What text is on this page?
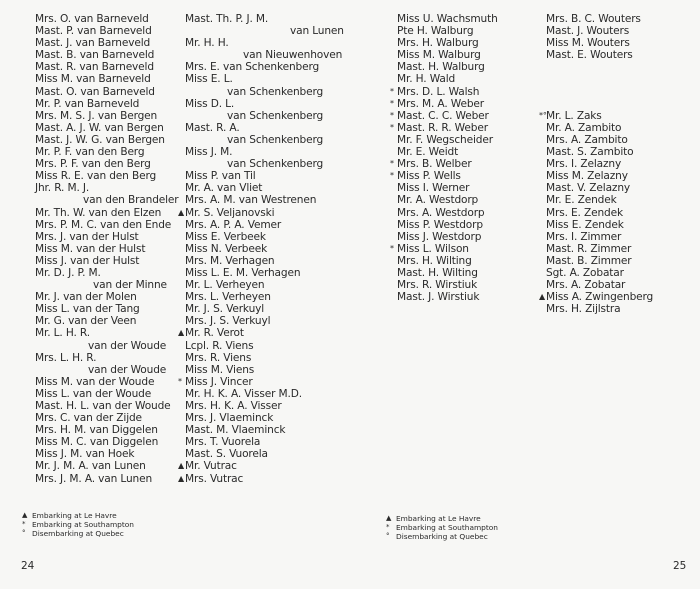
Mrs. O. van Barneveld
Mast. P. van Barneveld
Mast. J. van Barneveld
Mast. B. van Barneveld
Mast. R. van Barneveld
Miss M. van Barneveld
Mast. O. van Barneveld
Mr. P. van Barneveld
Mrs. M. S. J. van Bergen
Mast. A. J. W. van Bergen
Mast. J. W. G. van Bergen
Mr. P. F. van den Berg
Mrs. P. F. van den Berg
Miss R. E. van den Berg
Jhr. R. M. J.
van den Brandeler
Mr. Th. W. van den Elzen
Mrs. P. M. C. van den Ende
Mrs. J. van der Hulst
Miss M. van der Hulst
Miss J. van der Hulst
Mr. D. J. P. M.
van der Minne
Mr. J. van der Molen
Miss L. van der Tang
Mr. G. van der Veen
Mr. L. H. R.
van der Woude
Mrs. L. H. R.
van der Woude
Miss M. van der Woude
Miss L. van der Woude
Mast. H. L. van der Woude
Mrs. C. van der Zijde
Mrs. H. M. van Diggelen
Miss M. C. van Diggelen
Miss J. M. van Hoek
Mr. J. M. A. van Lunen
Mrs. J. M. A. van Lunen
Mast. Th. P. J. M.
van Lunen
Mr. H. H.
van Nieuwenhoven
Mrs. E. van Schenkenberg
Miss E. L.
van Schenkenberg
Miss D. L.
van Schenkenberg
Mast. R. A.
van Schenkenberg
Miss J. M.
van Schenkenberg
Miss P. van Til
Mr. A. van Vliet
Mrs. A. M. van Westrenen
▲ Mr. S. Veljanovski
Mrs. A. P. A. Vemer
Miss E. Verbeek
Miss N. Verbeek
Mrs. M. Verhagen
Miss L. E. M. Verhagen
Mr. L. Verheyen
Mrs. L. Verheyen
Mr. J. S. Verkuyl
Mrs. J. S. Verkuyl
▲ Mr. R. Verot
Lcpl. R. Viens
Mrs. R. Viens
Miss M. Viens
* Miss J. Vincer
Mr. H. K. A. Visser M.D.
Mrs. H. K. A. Visser
Mrs. J. Vlaeminck
Mast. M. Vlaeminck
Mrs. T. Vuorela
Mast. S. Vuorela
▲ Mr. Vutrac
▲ Mrs. Vutrac
▲ Embarking at Le Havre
* Embarking at Southampton
° Disembarking at Quebec
24
Miss U. Wachsmuth
Pte H. Walburg
Mrs. H. Walburg
Miss M. Walburg
Mast. H. Walburg
Mr. H. Wald
* Mrs. D. L. Walsh
* Mrs. M. A. Weber
* Mast. C. C. Weber
* Mast. R. R. Weber
Mr. F. Wegscheider
Mr. E. Weidt
* Mrs. B. Welber
* Miss P. Wells
Miss I. Werner
Mr. A. Westdorp
Mrs. A. Westdorp
Miss P. Westdorp
Miss J. Westdorp
* Miss L. Wilson
Mrs. H. Wilting
Mast. H. Wilting
Mrs. R. Wirstiuk
Mast. J. Wirstiuk
Mrs. B. C. Wouters
Mast. J. Wouters
Miss M. Wouters
Mast. E. Wouters
*° Mr. L. Zaks
Mr. A. Zambito
Mrs. A. Zambito
Mast. S. Zambito
Mrs. I. Zelazny
Miss M. Zelazny
Mast. V. Zelazny
Mr. E. Zendek
Mrs. E. Zendek
Miss E. Zendek
Mrs. I. Zimmer
Mast. R. Zimmer
Mast. B. Zimmer
Sgt. A. Zobatar
Mrs. A. Zobatar
▲ Miss A. Zwingenberg
Mrs. H. Zijlstra
▲ Embarking at Le Havre
* Embarking at Southampton
° Disembarking at Quebec
25
